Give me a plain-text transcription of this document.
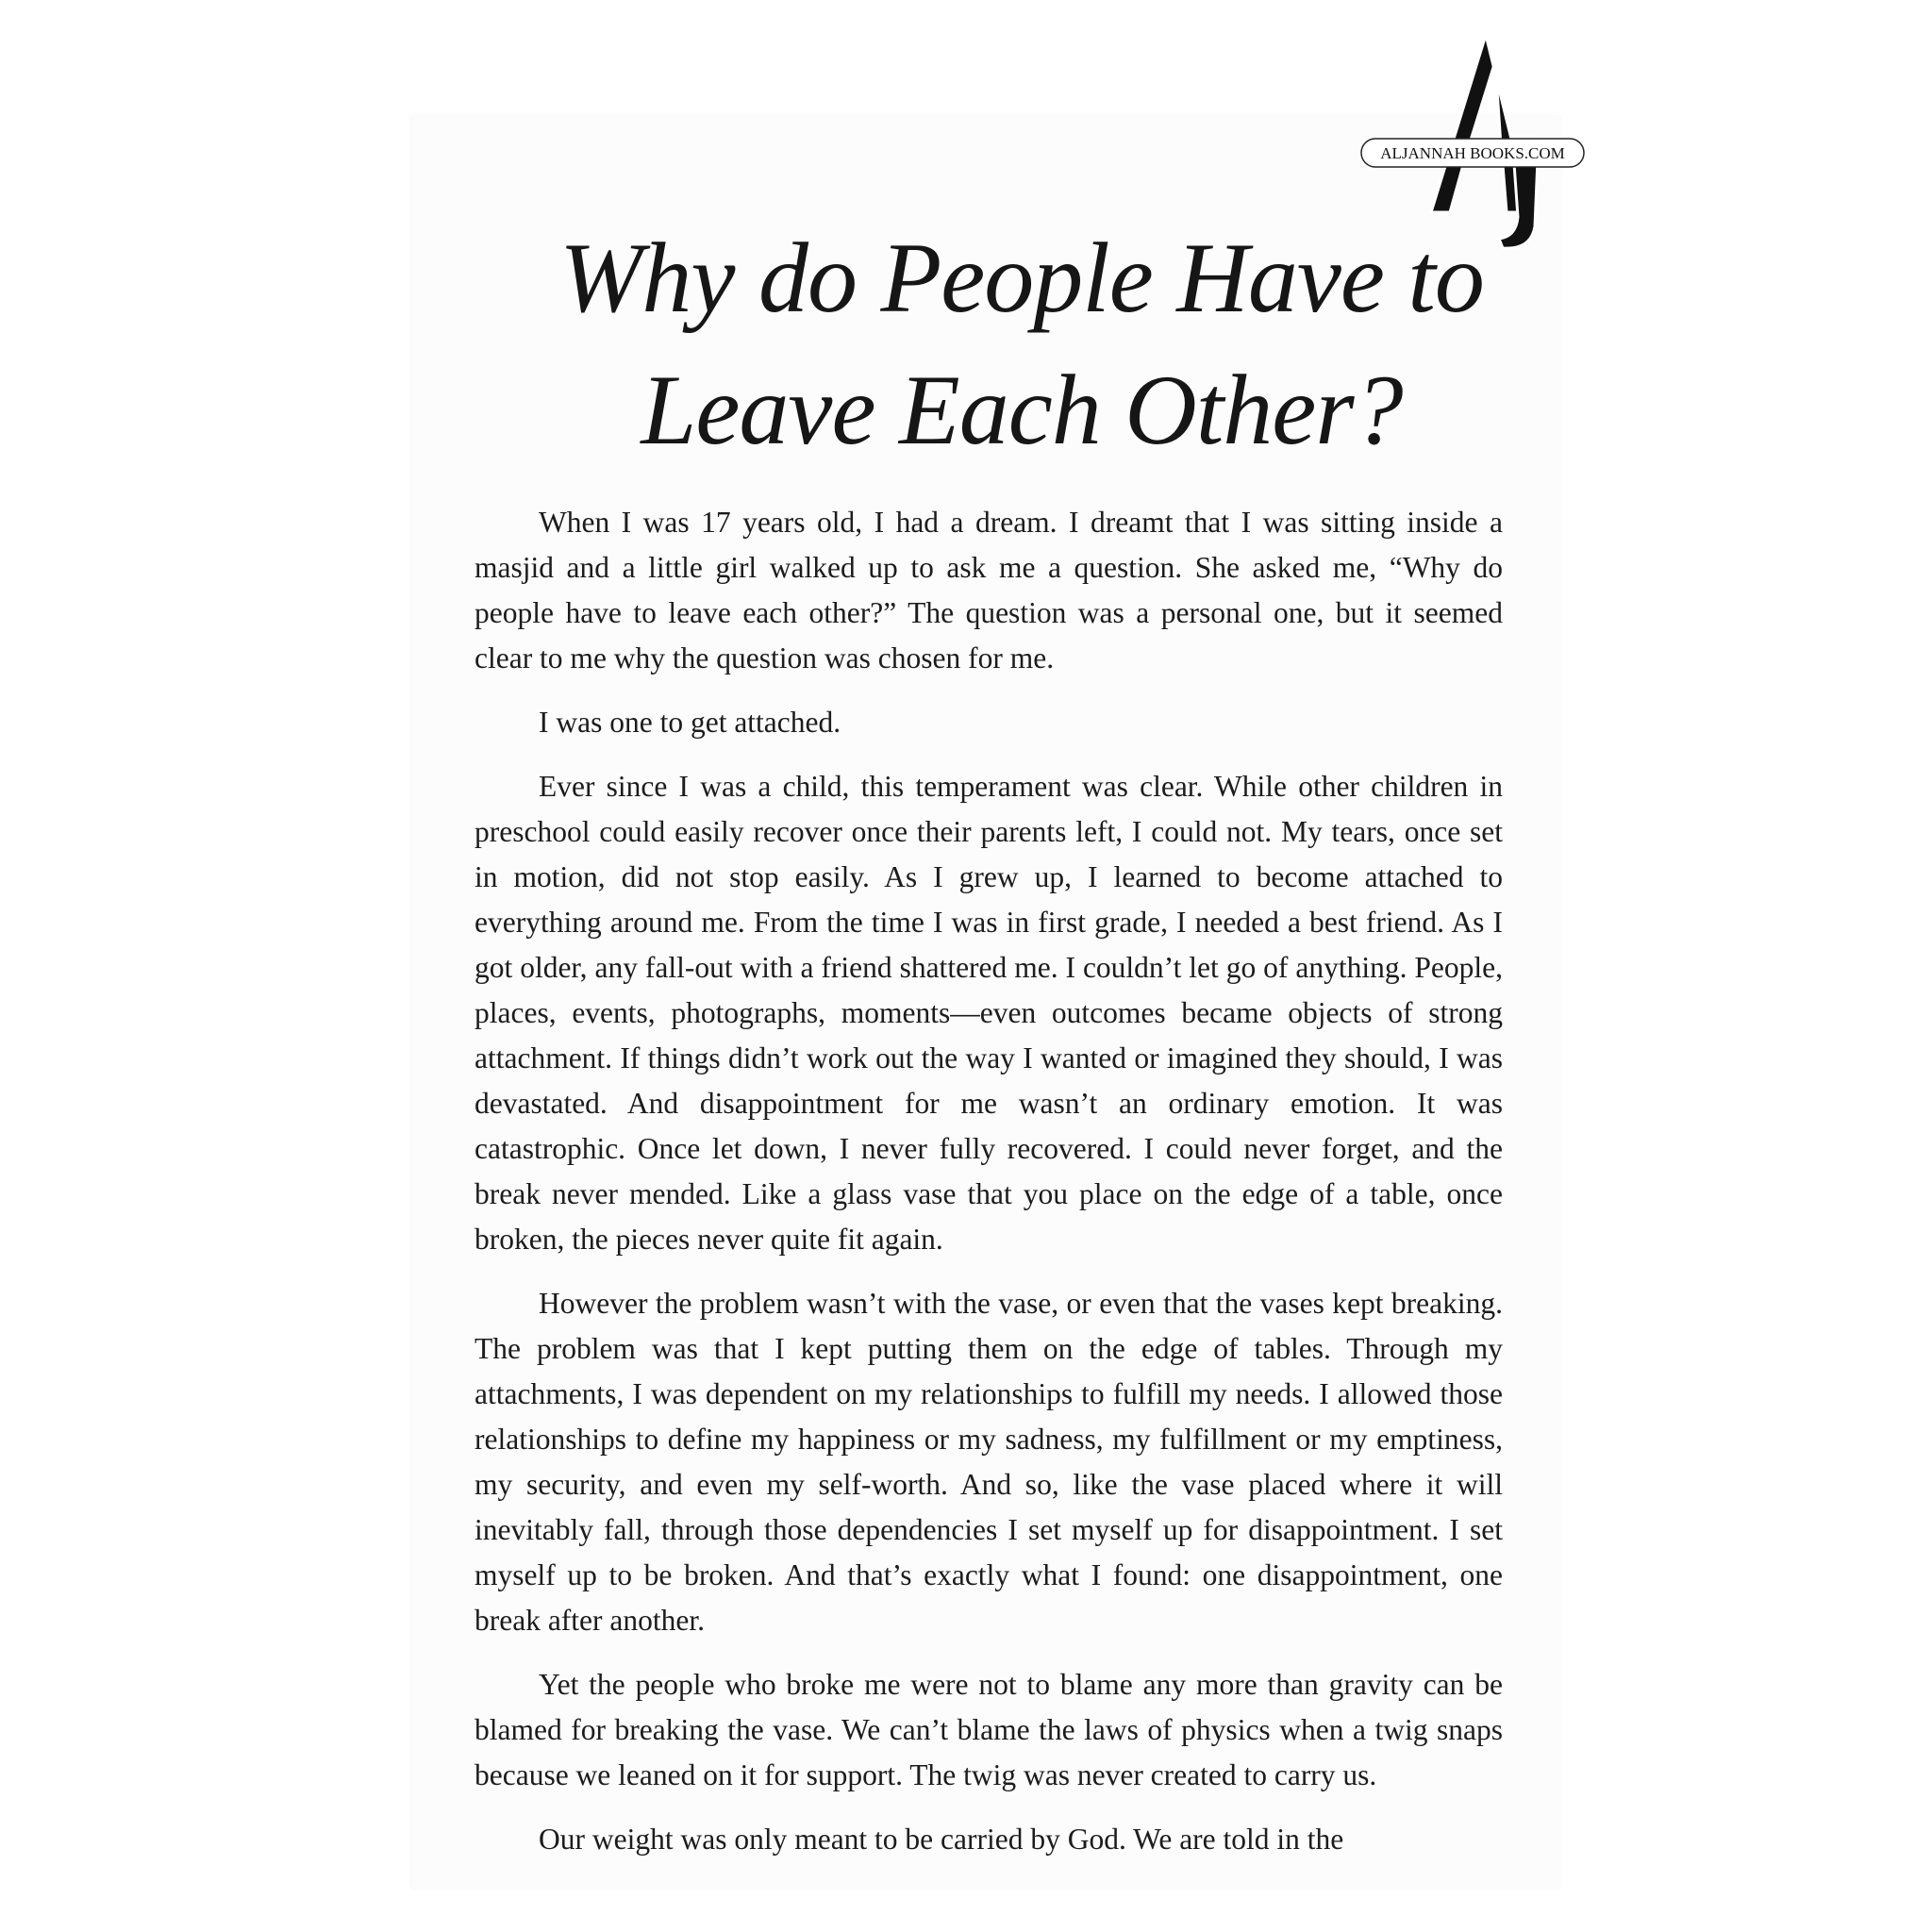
ALJANNAH BOOKS.COM
Why do People Have to
Leave Each Other?

When I was 17 years old, I had a dream. I dreamt that I was sitting inside a masjid and a little girl walked up to ask me a question. She asked me, “Why do people have to leave each other?” The question was a personal one, but it seemed clear to me why the question was chosen for me.

I was one to get attached.

Ever since I was a child, this temperament was clear. While other children in preschool could easily recover once their parents left, I could not. My tears, once set in motion, did not stop easily. As I grew up, I learned to become attached to everything around me. From the time I was in first grade, I needed a best friend. As I got older, any fall-out with a friend shattered me. I couldn’t let go of anything. People, places, events, photographs, moments—even outcomes became objects of strong attachment. If things didn’t work out the way I wanted or imagined they should, I was devastated. And disappointment for me wasn’t an ordinary emotion. It was catastrophic. Once let down, I never fully recovered. I could never forget, and the break never mended. Like a glass vase that you place on the edge of a table, once broken, the pieces never quite fit again.

However the problem wasn’t with the vase, or even that the vases kept breaking. The problem was that I kept putting them on the edge of tables. Through my attachments, I was dependent on my relationships to fulfill my needs. I allowed those relationships to define my happiness or my sadness, my fulfillment or my emptiness, my security, and even my self-worth. And so, like the vase placed where it will inevitably fall, through those dependencies I set myself up for disappointment. I set myself up to be broken. And that’s exactly what I found: one disappointment, one break after another.

Yet the people who broke me were not to blame any more than gravity can be blamed for breaking the vase. We can’t blame the laws of physics when a twig snaps because we leaned on it for support. The twig was never created to carry us.

Our weight was only meant to be carried by God. We are told in the
